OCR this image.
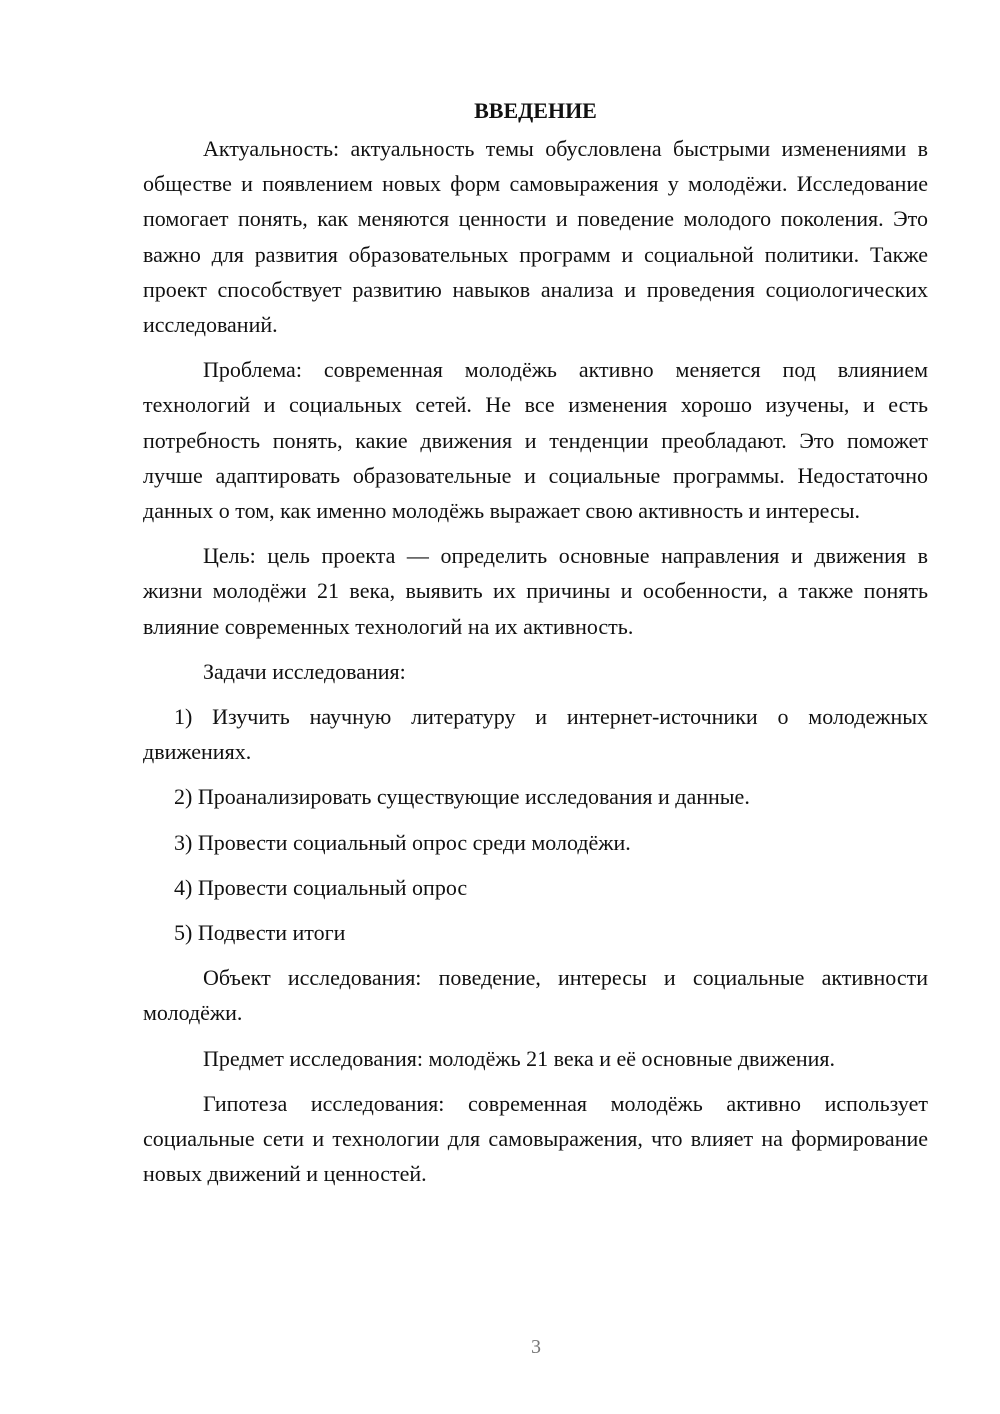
ВВЕДЕНИЕ

Актуальность: актуальность темы обусловлена быстрыми изменениями в обществе и появлением новых форм самовыражения у молодёжи. Исследование помогает понять, как меняются ценности и поведение молодого поколения. Это важно для развития образовательных программ и социальной политики. Также проект способствует развитию навыков анализа и проведения социологических исследований.

Проблема: современная молодёжь активно меняется под влиянием технологий и социальных сетей. Не все изменения хорошо изучены, и есть потребность понять, какие движения и тенденции преобладают. Это поможет лучше адаптировать образовательные и социальные программы. Недостаточно данных о том, как именно молодёжь выражает свою активность и интересы.

Цель: цель проекта — определить основные направления и движения в жизни молодёжи 21 века, выявить их причины и особенности, а также понять влияние современных технологий на их активность.

Задачи исследования:

1) Изучить научную литературу и интернет-источники о молодежных движениях.

2) Проанализировать существующие исследования и данные.

3) Провести социальный опрос среди молодёжи.

4) Провести социальный опрос

5) Подвести итоги

Объект исследования: поведение, интересы и социальные активности молодёжи.

Предмет исследования: молодёжь 21 века и её основные движения.

Гипотеза исследования: современная молодёжь активно использует социальные сети и технологии для самовыражения, что влияет на формирование новых движений и ценностей.

3
